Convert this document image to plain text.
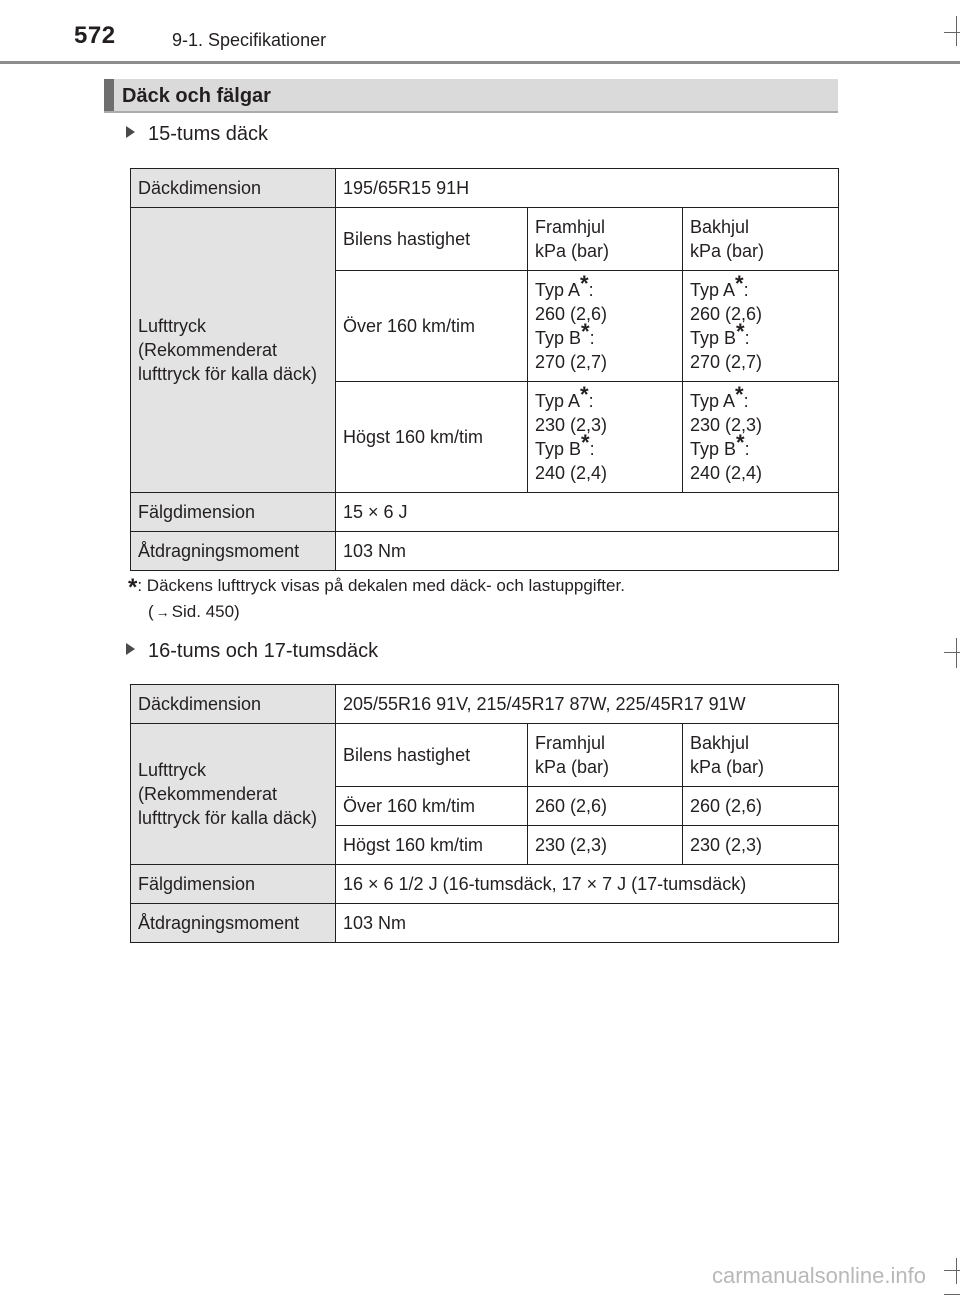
572	9-1. Specifikationer
Däck och fälgar
15-tums däck
Däckdimension	195/65R15 91H		
Lufttryck (Rekommenderat lufttryck för kalla däck)	Bilens hastighet	Framhjul
kPa (bar)	Bakhjul
kPa (bar)
	Över 160 km/tim	Typ A*:
260 (2,6)
Typ B*:
270 (2,7)	Typ A*:
260 (2,6)
Typ B*:
270 (2,7)
	Högst 160 km/tim	Typ A*:
230 (2,3)
Typ B*:
240 (2,4)	Typ A*:
230 (2,3)
Typ B*:
240 (2,4)
Fälgdimension	15 × 6 J		
Åtdragningsmoment	103 Nm		
*: Däckens lufttryck visas på dekalen med däck- och lastuppgifter.
( → Sid. 450)
16-tums och 17-tumsdäck
Däckdimension	205/55R16 91V, 215/45R17 87W, 225/45R17 91W		
Lufttryck (Rekommenderat lufttryck för kalla däck)	Bilens hastighet	Framhjul
kPa (bar)	Bakhjul
kPa (bar)
	Över 160 km/tim	260 (2,6)	260 (2,6)
	Högst 160 km/tim	230 (2,3)	230 (2,3)
Fälgdimension	16 × 6 1/2 J (16-tumsdäck, 17 × 7 J (17-tumsdäck)		
Åtdragningsmoment	103 Nm		
carmanualsonline.info
